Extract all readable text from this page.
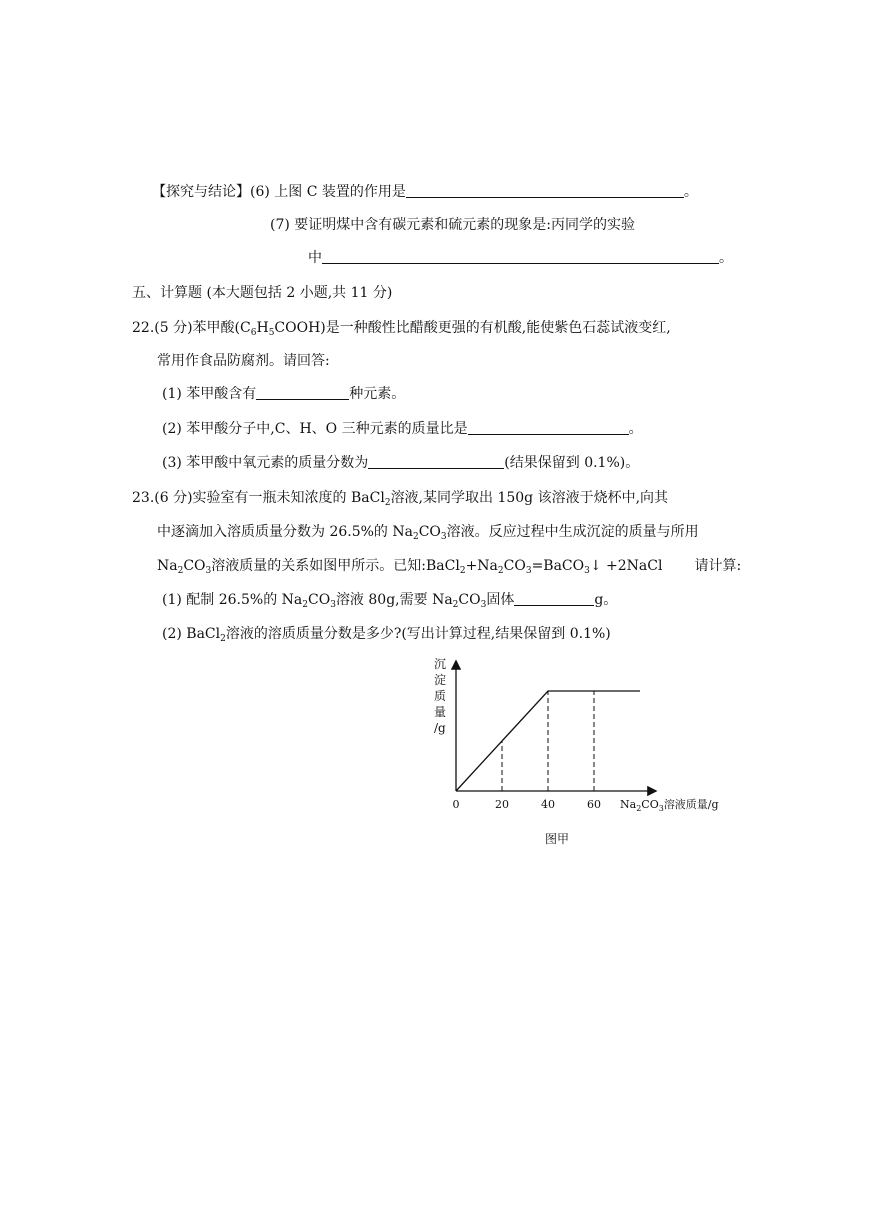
【探究与结论】(6) 上图 C 装置的作用是	。
(7) 要证明煤中含有碳元素和硫元素的现象是:丙同学的实验
中	。
五、计算题 (本大题包括 2 小题,共 11 分)
22.(5 分)苯甲酸$(C_6H_5COOH)$是一种酸性比醋酸更强的有机酸,能使紫色石蕊试液变红,
常用作食品防腐剂。请回答:
(1) 苯甲酸含有	种元素。
(2) 苯甲酸分子中,C、H、O 三种元素的质量比是	。
(3) 苯甲酸中氧元素的质量分数为	(结果保留到 0.1%)。
23.(6 分)实验室有一瓶未知浓度的 BaCl$_2$溶液,某同学取出 150g 该溶液于烧杯中,向其
中逐滴加入溶质质量分数为 26.5%的 $Na_2CO_3$溶液。反应过程中生成沉淀的质量与所用
$Na_2CO_3$溶液质量的关系如图甲所示。已知$:BaCl_2+Na_2CO_3=BaCO_3↓$ +2NaCl 请计算:
(1) 配制 26.5%的 $Na_2CO_3$溶液 80g,需要 $Na_2CO_3$固体	g。
(2) BaCl$_2$溶液的溶质质量分数是多少?(写出计算过程,结果保留到 0.1%)
沉
淀
质
量
/g
0	20	40	60 $Na_2CO_3$溶液质量/g
图甲
